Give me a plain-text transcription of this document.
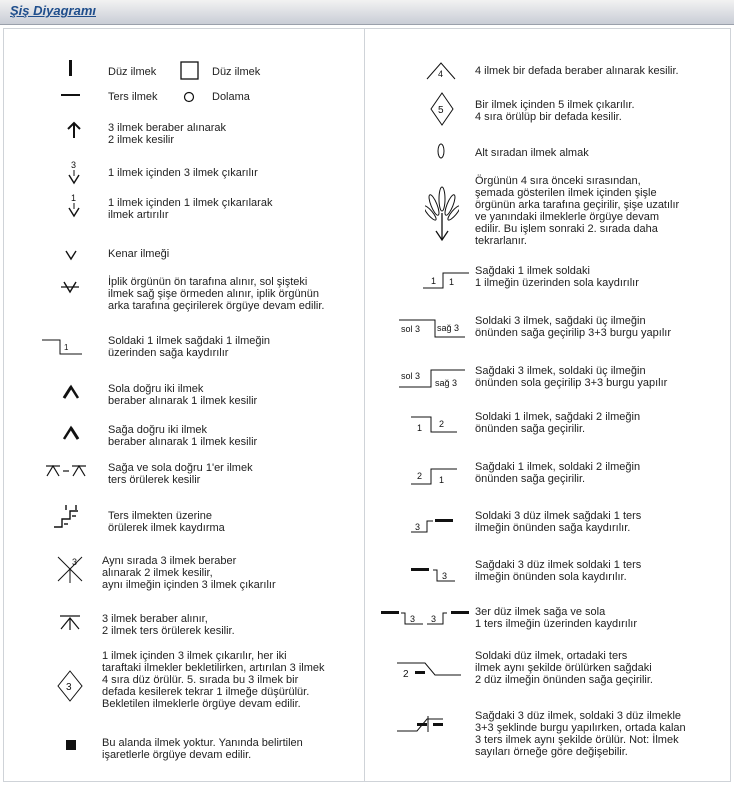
Şiş Diyagramı
Düz ilmek	Düz ilmek
Ters ilmek	Dolama
3 ilmek beraber alınarak
2 ilmek kesilir
3
1 ilmek içinden 3 ilmek çıkarılır
1	1 ilmek içinden 1 ilmek çıkarılarak
ilmek artırılır
Kenar ilmeği
İplik örgünün ön tarafına alınır, sol şişteki
ilmek sağ şişe örmeden alınır, iplik örgünün
arka tarafına geçirilerek örgüye devam edilir.
1
Soldaki 1 ilmek sağdaki 1 ilmeğin
üzerinden sağa kaydırılır
Sola doğru iki ilmek
beraber alınarak 1 ilmek kesilir
Sağa doğru iki ilmek
beraber alınarak 1 ilmek kesilir
Sağa ve sola doğru 1'er ilmek
ters örülerek kesilir
Ters ilmekten üzerine
örülerek ilmek kaydırma
3 Aynı sırada 3 ilmek beraber
alınarak 2 ilmek kesilir,
aynı ilmeğin içinden 3 ilmek çıkarılır
3 ilmek beraber alınır,
2 ilmek ters örülerek kesilir.
3
1 ilmek içinden 3 ilmek çıkarılır, her iki
taraftaki ilmekler bekletilirken, artırılan 3 ilmek
4 sıra düz örülür. 5. sırada bu 3 ilmek bir
defada kesilerek tekrar 1 ilmeğe düşürülür.
Bekletilen ilmeklerle örgüye devam edilir.
Bu alanda ilmek yoktur. Yanında belirtilen
işaretlerle örgüye devam edilir.
4	4 ilmek bir defada beraber alınarak kesilir.
5	Bir ilmek içinden 5 ilmek çıkarılır.
4 sıra örülüp bir defada kesilir.
Alt sıradan ilmek almak
Örgünün 4 sıra önceki sırasından,
şemada gösterilen ilmek içinden şişle
örgünün arka tarafına geçirilir, şişe uzatılır
ve yanındaki ilmeklerle örgüye devam
edilir. Bu işlem sonraki 2. sırada daha
tekrarlanır.
1 1
Sağdaki 1 ilmek soldaki
1 ilmeğin üzerinden sola kaydırılır
sol 3 sağ 3
Soldaki 3 ilmek, sağdaki üç ilmeğin
önünden sağa geçirilip 3+3 burgu yapılır
sol 3
sağ 3
Sağdaki 3 ilmek, soldaki üç ilmeğin
önünden sola geçirilip 3+3 burgu yapılır
1 2
Soldaki 1 ilmek, sağdaki 2 ilmeğin
önünden sağa geçirilir.
2 1
Sağdaki 1 ilmek, soldaki 2 ilmeğin
önünden sağa geçirilir.
3
Soldaki 3 düz ilmek sağdaki 1 ters
ilmeğin önünden sağa kaydırılır.
3
Sağdaki 3 düz ilmek soldaki 1 ters
ilmeğin önünden sola kaydırılır.
3 3
3er düz ilmek sağa ve sola
1 ters ilmeğin üzerinden kaydırılır
2
Soldaki düz ilmek, ortadaki ters
ilmek aynı şekilde örülürken sağdaki
2 düz ilmeğin önünden sağa geçirilir.
Sağdaki 3 düz ilmek, soldaki 3 düz ilmekle
3+3 şeklinde burgu yapılırken, ortada kalan
3 ters ilmek aynı şekilde örülür. Not: İlmek
sayıları örneğe göre değişebilir.
